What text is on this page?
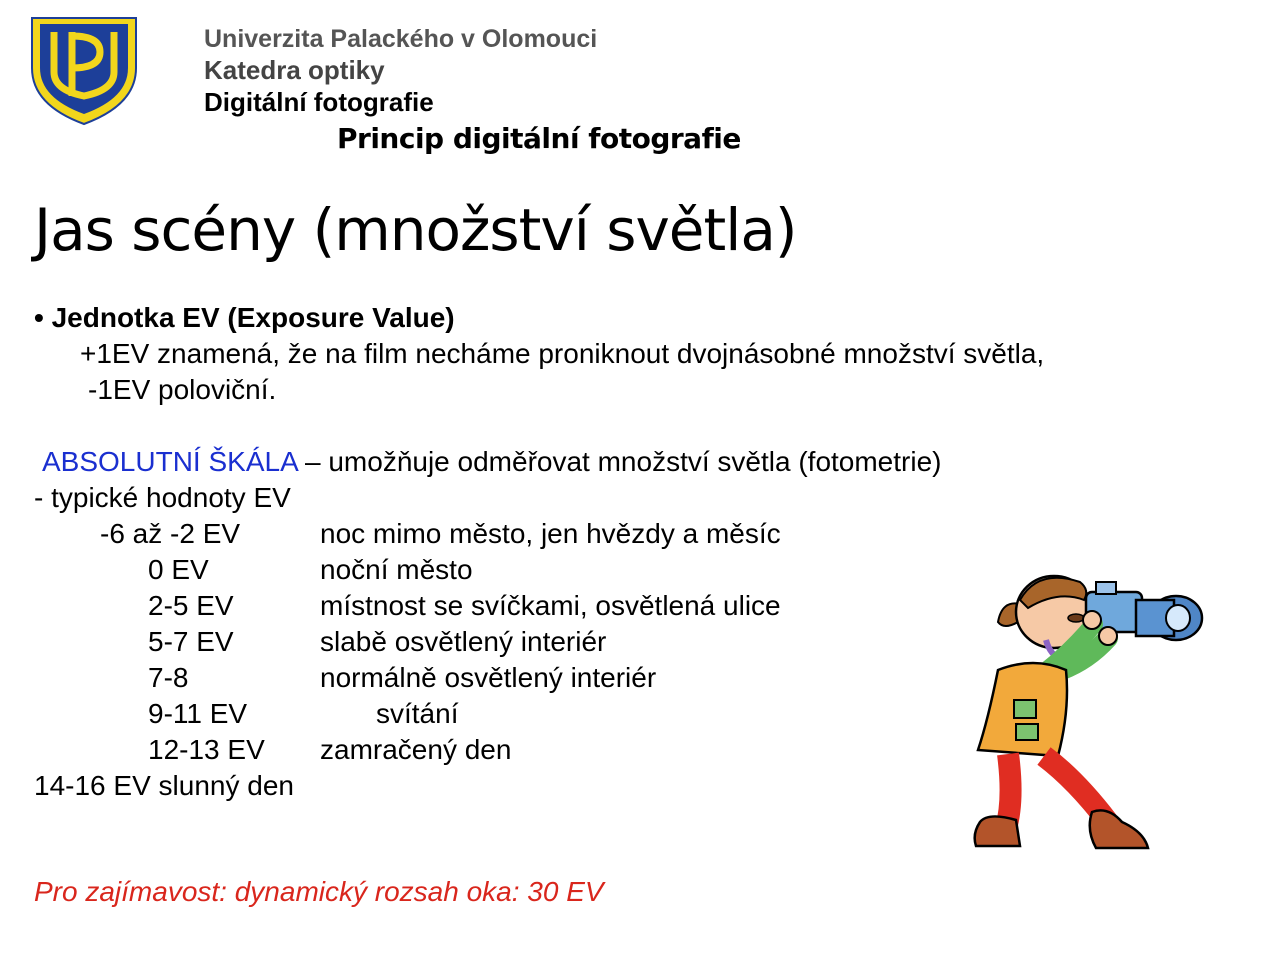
Univerzita Palackého v Olomouci
Katedra optiky
Digitální fotografie
Princip digitální fotografie
Jas scény (množství světla)
• Jednotka EV (Exposure Value)
+1EV znamená, že na film necháme proniknout dvojnásobné množství světla,
-1EV poloviční.
ABSOLUTNÍ ŠKÁLA – umožňuje odměřovat množství světla (fotometrie)
- typické hodnoty EV
-6 až -2 EV	noc mimo město, jen hvězdy a měsíc
0 EV	noční město
2-5 EV	místnost se svíčkami, osvětlená ulice
5-7 EV	slabě osvětlený interiér
7-8	normálně osvětlený interiér
9-11 EV	svítání
12-13 EV zamračený den
14-16 EV slunný den
Pro zajímavost: dynamický rozsah oka: 30 EV
